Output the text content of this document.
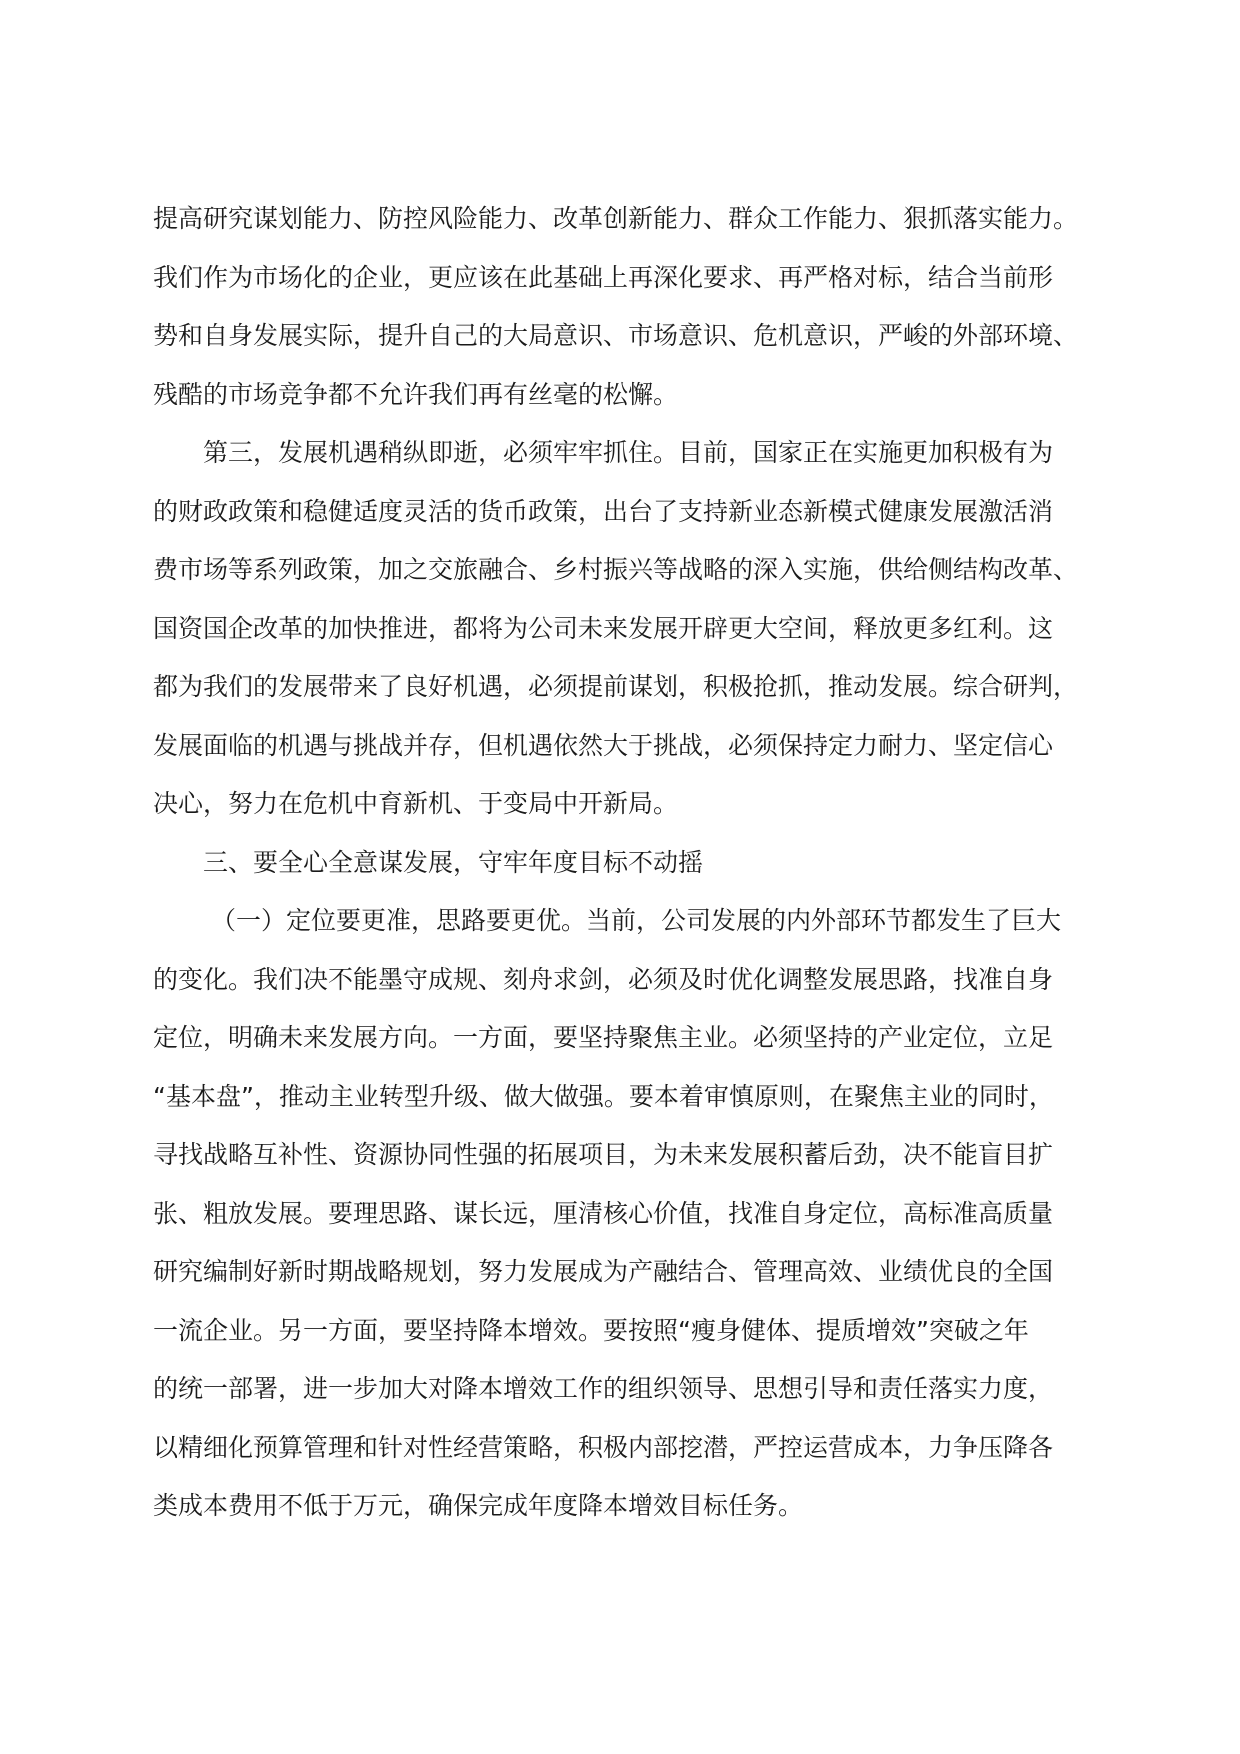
提高研究谋划能力、防控风险能力、改革创新能力、群众工作能力、狠抓落实能力。
我们作为市场化的企业，更应该在此基础上再深化要求、再严格对标，结合当前形
势和自身发展实际，提升自己的大局意识、市场意识、危机意识，严峻的外部环境、
残酷的市场竞争都不允许我们再有丝毫的松懈。
第三，发展机遇稍纵即逝，必须牢牢抓住。目前，国家正在实施更加积极有为
的财政政策和稳健适度灵活的货币政策，出台了支持新业态新模式健康发展激活消
费市场等系列政策，加之交旅融合、乡村振兴等战略的深入实施，供给侧结构改革、
国资国企改革的加快推进，都将为公司未来发展开辟更大空间，释放更多红利。这
都为我们的发展带来了良好机遇，必须提前谋划，积极抢抓，推动发展。综合研判，
发展面临的机遇与挑战并存，但机遇依然大于挑战，必须保持定力耐力、坚定信心
决心，努力在危机中育新机、于变局中开新局。
三、要全心全意谋发展，守牢年度目标不动摇
（一）定位要更准，思路要更优。当前，公司发展的内外部环节都发生了巨大
的变化。我们决不能墨守成规、刻舟求剑，必须及时优化调整发展思路，找准自身
定位，明确未来发展方向。一方面，要坚持聚焦主业。必须坚持的产业定位，立足
“基本盘”，推动主业转型升级、做大做强。要本着审慎原则，在聚焦主业的同时，
寻找战略互补性、资源协同性强的拓展项目，为未来发展积蓄后劲，决不能盲目扩
张、粗放发展。要理思路、谋长远，厘清核心价值，找准自身定位，高标准高质量
研究编制好新时期战略规划，努力发展成为产融结合、管理高效、业绩优良的全国
一流企业。另一方面，要坚持降本增效。要按照“瘦身健体、提质增效”突破之年
的统一部署，进一步加大对降本增效工作的组织领导、思想引导和责任落实力度，
以精细化预算管理和针对性经营策略，积极内部挖潜，严控运营成本，力争压降各
类成本费用不低于万元，确保完成年度降本增效目标任务。
